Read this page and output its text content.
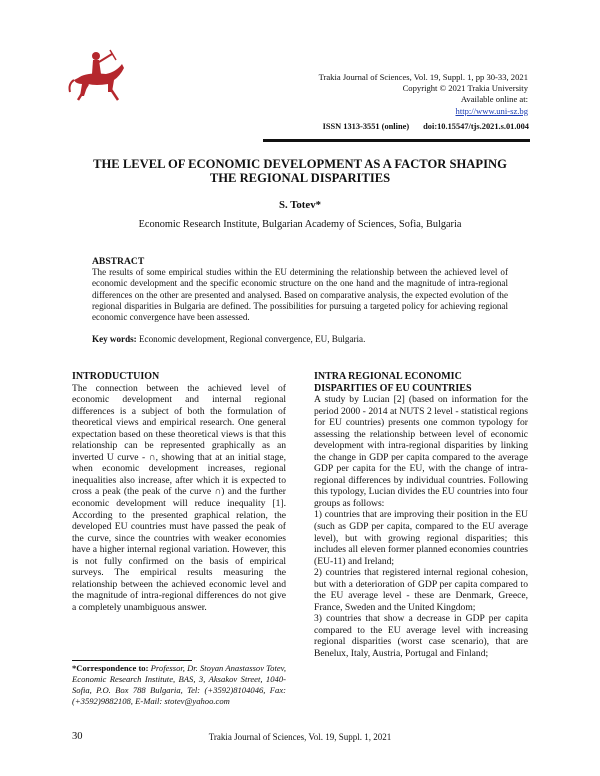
Trakia Journal of Sciences, Vol. 19, Suppl. 1, pp 30-33, 2021
Copyright © 2021 Trakia University
Available online at:
http://www.uni-sz.bg
ISSN 1313-3551 (online) doi:10.15547/tjs.2021.s.01.004
THE LEVEL OF ECONOMIC DEVELOPMENT AS A FACTOR SHAPING
THE REGIONAL DISPARITIES
S. Totev*
Economic Research Institute, Bulgarian Academy of Sciences, Sofia, Bulgaria
ABSTRACT
The results of some empirical studies within the EU determining the relationship between the achieved level of economic development and the specific economic structure on the one hand and the magnitude of intra-regional differences on the other are presented and analysed. Based on comparative analysis, the expected evolution of the regional disparities in Bulgaria are defined. The possibilities for pursuing a targeted policy for achieving regional economic convergence have been assessed.
Key words: Economic development, Regional convergence, EU, Bulgaria.
INTRODUCTUION

The connection between the achieved level of economic development and internal regional differences is a subject of both the formulation of theoretical views and empirical research. One general expectation based on these theoretical views is that this relationship can be represented graphically as an inverted U curve - ∩, showing that at an initial stage, when economic development increases, regional inequalities also increase, after which it is expected to cross a peak (the peak of the curve ∩) and the further economic development will reduce inequality [1]. According to the presented graphical relation, the developed EU countries must have passed the peak of the curve, since the countries with weaker economies have a higher internal regional variation. However, this is not fully confirmed on the basis of empirical surveys. The empirical results measuring the relationship between the achieved economic level and the magnitude of intra-regional differences do not give a completely unambiguous answer.

*Correspondence to: Professor, Dr. Stoyan Anastassov Totev, Economic Research Institute, BAS, 3, Aksakov Street, 1040-Sofia, P.O. Box 788 Bulgaria, Tel: (+3592)8104046, Fax: (+3592)9882108, E-Mail: stotev@yahoo.com
INTRA REGIONAL ECONOMIC
DISPARITIES OF EU COUNTRIES

A study by Lucian [2] (based on information for the period 2000 - 2014 at NUTS 2 level - statistical regions for EU countries) presents one common typology for assessing the relationship between level of economic development with intra-regional disparities by linking the change in GDP per capita compared to the average GDP per capita for the EU, with the change of intra-regional differences by individual countries. Following this typology, Lucian divides the EU countries into four groups as follows:

1) countries that are improving their position in the EU (such as GDP per capita, compared to the EU average level), but with growing regional disparities; this includes all eleven former planned economies countries (EU-11) and Ireland;

2) countries that registered internal regional cohesion, but with a deterioration of GDP per capita compared to the EU average level - these are Denmark, Greece, France, Sweden and the United Kingdom;

3) countries that show a decrease in GDP per capita compared to the EU average level with increasing regional disparities (worst case scenario), that are Benelux, Italy, Austria, Portugal and Finland;

30	Trakia Journal of Sciences, Vol. 19, Suppl. 1, 2021
